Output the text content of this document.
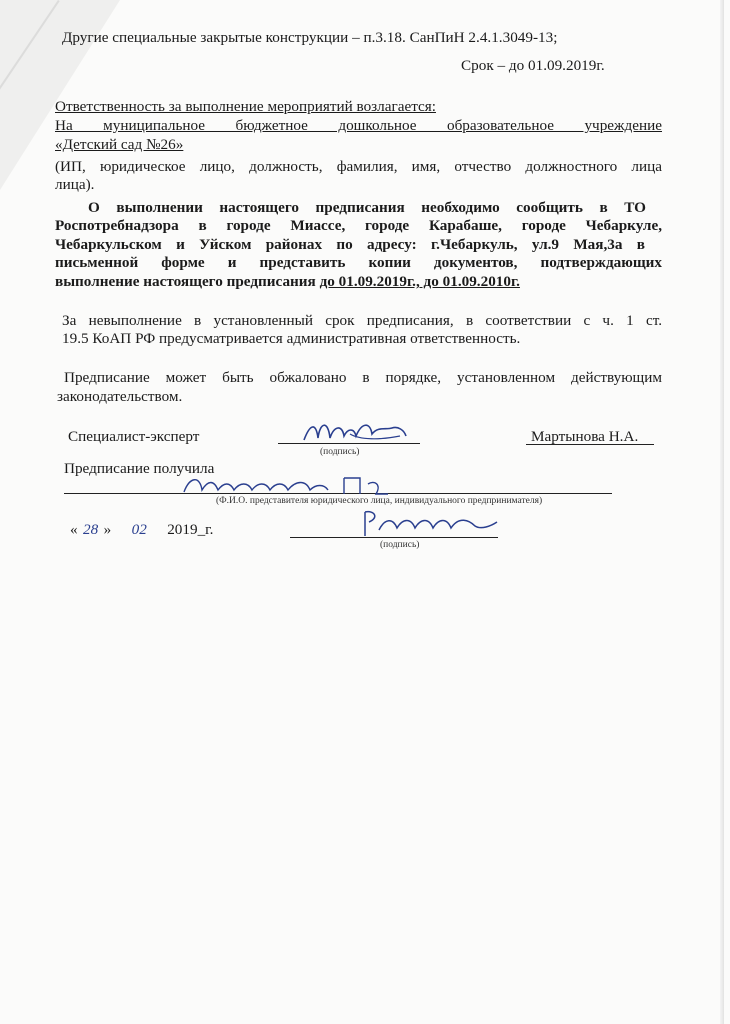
Другие специальные закрытые конструкции – п.3.18. СанПиН 2.4.1.3049-13;
Срок – до 01.09.2019г.
Ответственность за выполнение мероприятий возлагается:
На муниципальное бюджетное дошкольное образовательное учреждение
«Детский сад №26»
(ИП, юридическое лицо, должность, фамилия, имя, отчество должностного лица
лица).
О выполнении настоящего предписания необходимо сообщить в ТО
Роспотребнадзора в городе Миассе, городе Карабаше, городе Чебаркуле,
Чебаркульском и Уйском районах по адресу: г.Чебаркуль, ул.9 Мая,3а в
письменной форме и представить копии документов, подтверждающих
выполнение настоящего предписания до 01.09.2019г., до 01.09.2010г.
За невыполнение в установленный срок предписания, в соответствии с ч. 1 ст.
19.5 КоАП РФ предусматривается административная ответственность.
Предписание может быть обжаловано в порядке, установленном действующим
законодательством.
Специалист-эксперт
(подпись)
Мартынова Н.А.
Предписание получила
(Ф.И.О. представителя юридического лица, индивидуального предпринимателя)
« 28 » 02 2019_г.
(подпись)
